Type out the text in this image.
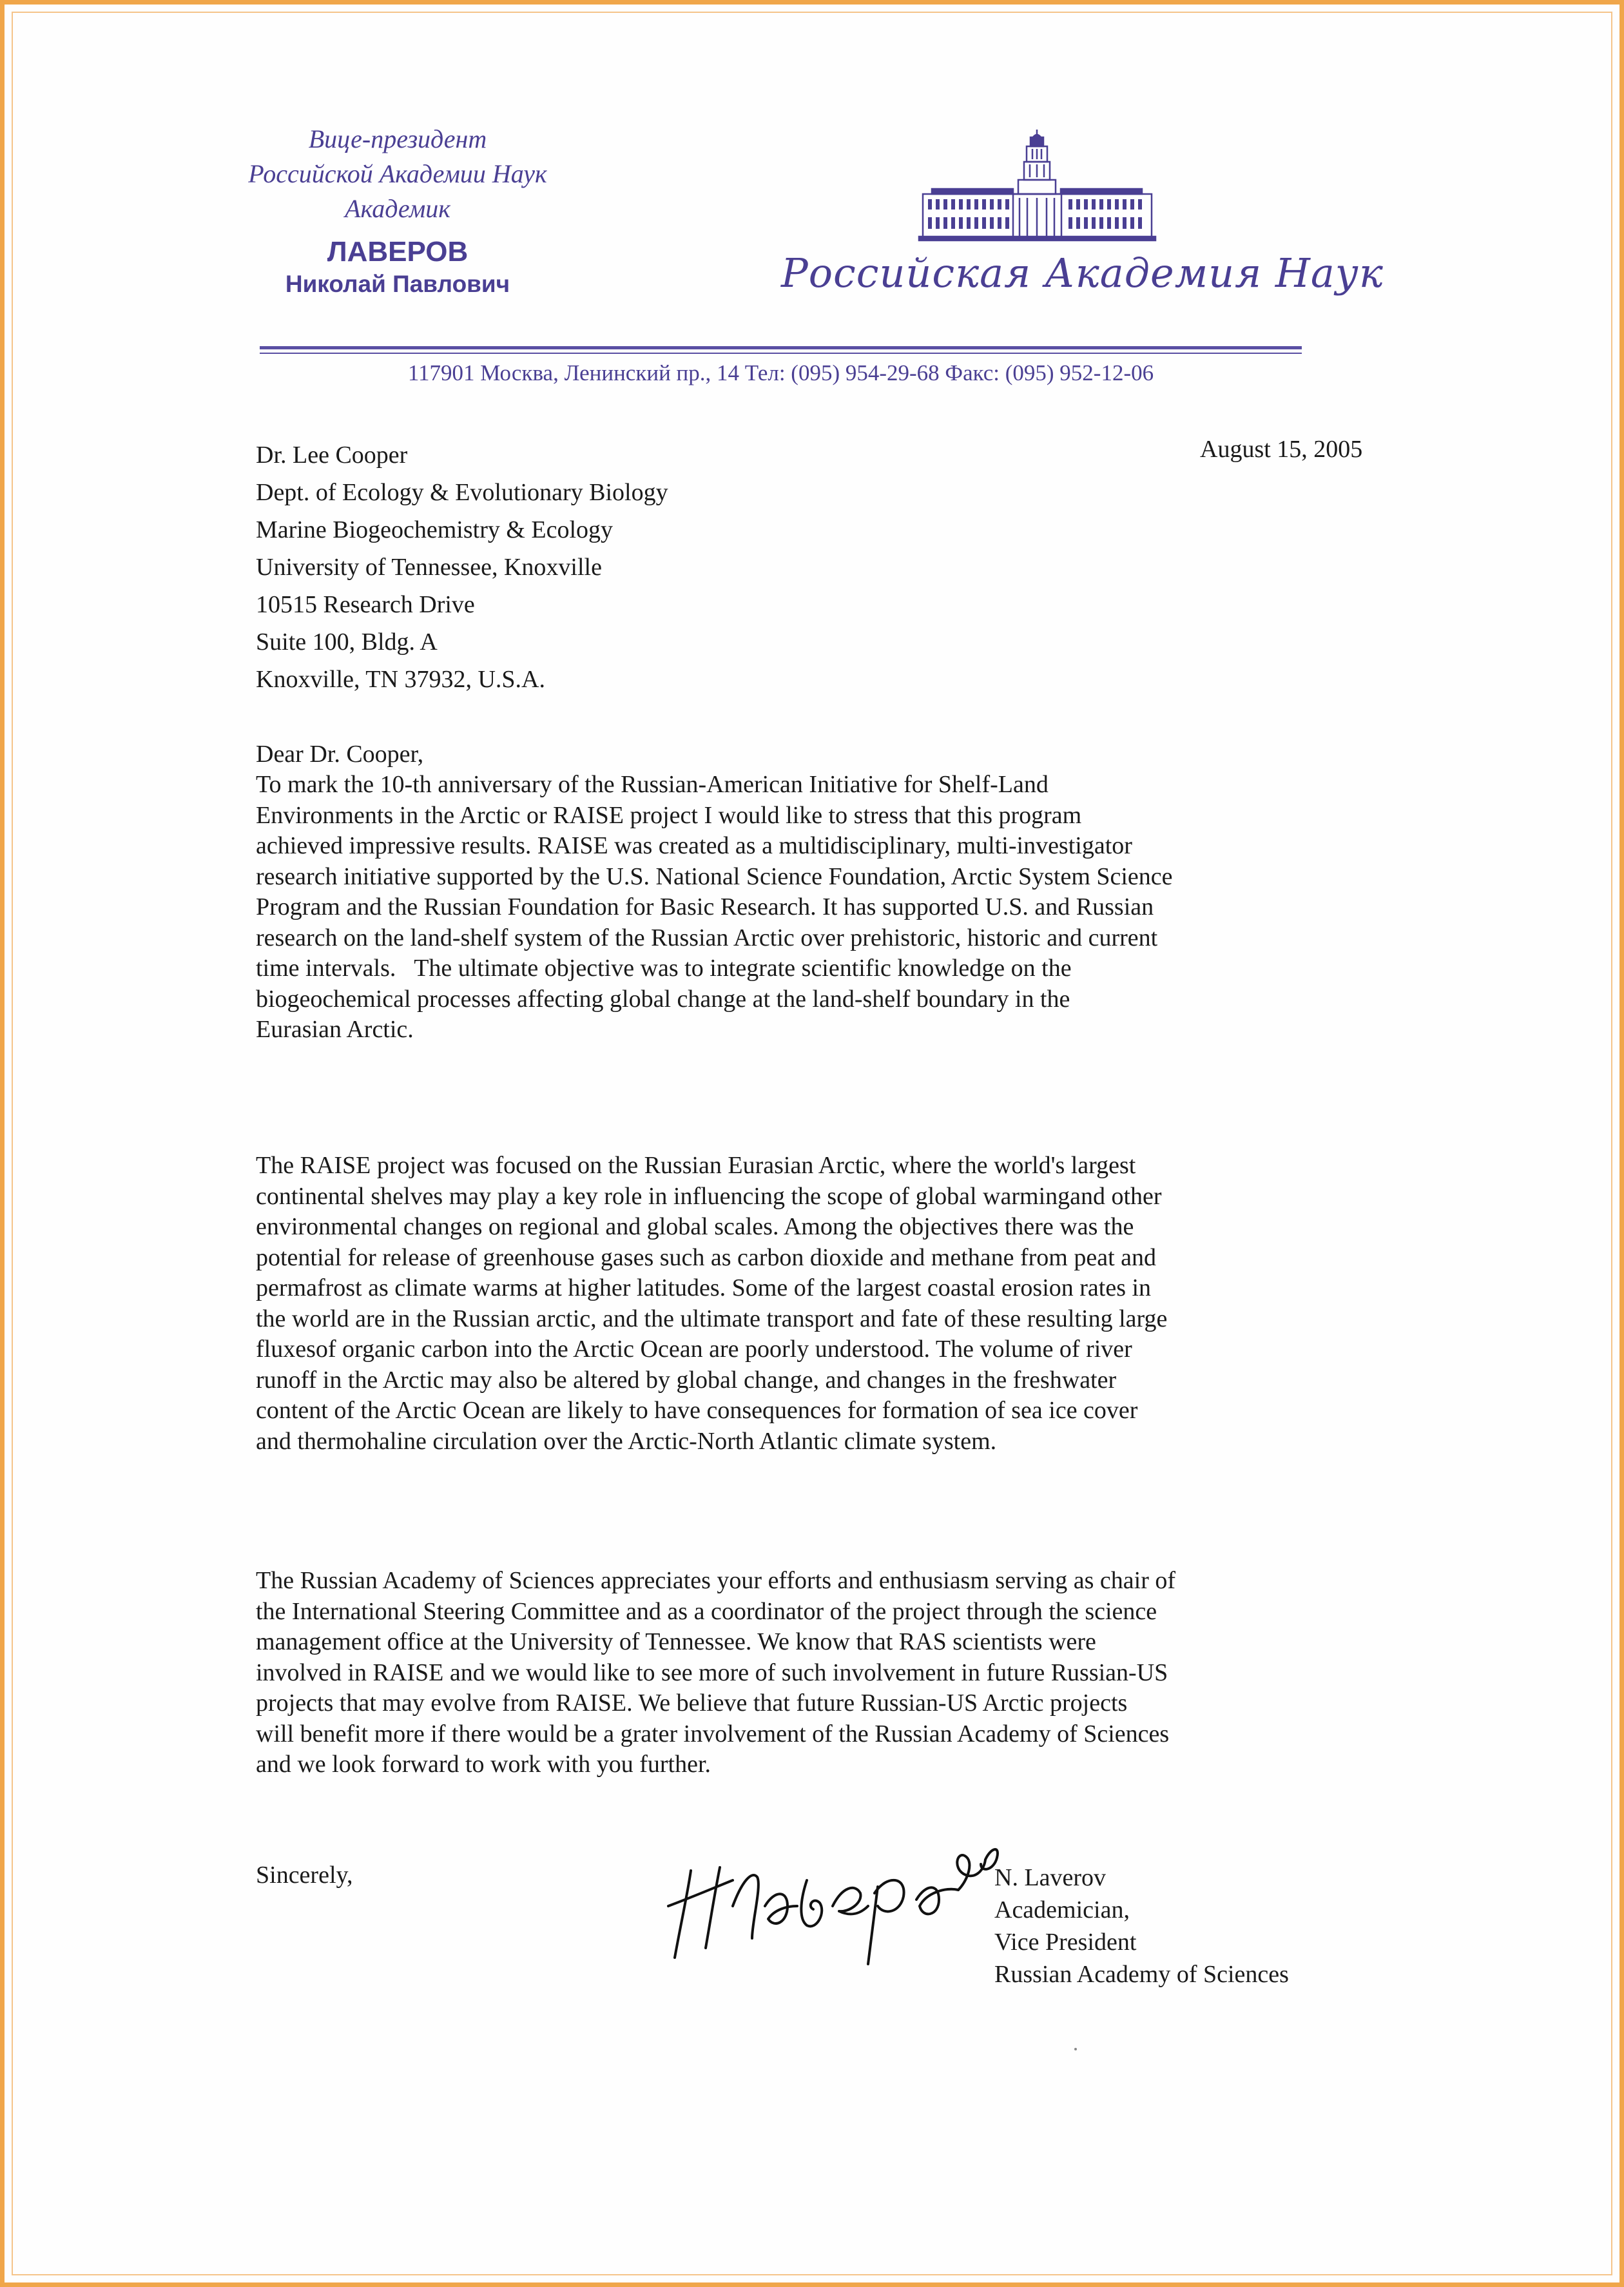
Вице-президент
Российской Академии Наук
Академик
ЛАВЕРОВ
Николай Павлович	Российская Академия Наук
117901 Москва, Ленинский пр., 14 Тел: (095) 954-29-68 Факс: (095) 952-12-06
August 15, 2005
Dr. Lee Cooper
Dept. of Ecology & Evolutionary Biology
Marine Biogeochemistry & Ecology
University of Tennessee, Knoxville
10515 Research Drive
Suite 100, Bldg. A
Knoxville, TN 37932, U.S.A.
Dear Dr. Cooper,
To mark the 10-th anniversary of the Russian-American Initiative for Shelf-Land
Environments in the Arctic or RAISE project I would like to stress that this program
achieved impressive results. RAISE was created as a multidisciplinary, multi-investigator
research initiative supported by the U.S. National Science Foundation, Arctic System Science
Program and the Russian Foundation for Basic Research. It has supported U.S. and Russian
research on the land-shelf system of the Russian Arctic over prehistoric, historic and current
time intervals.   The ultimate objective was to integrate scientific knowledge on the
biogeochemical processes affecting global change at the land-shelf boundary in the
Eurasian Arctic.
The RAISE project was focused on the Russian Eurasian Arctic, where the world's largest
continental shelves may play a key role in influencing the scope of global warmingand other
environmental changes on regional and global scales. Among the objectives there was the
potential for release of greenhouse gases such as carbon dioxide and methane from peat and
permafrost as climate warms at higher latitudes. Some of the largest coastal erosion rates in
the world are in the Russian arctic, and the ultimate transport and fate of these resulting large
fluxesof organic carbon into the Arctic Ocean are poorly understood. The volume of river
runoff in the Arctic may also be altered by global change, and changes in the freshwater
content of the Arctic Ocean are likely to have consequences for formation of sea ice cover
and thermohaline circulation over the Arctic-North Atlantic climate system.
The Russian Academy of Sciences appreciates your efforts and enthusiasm serving as chair of
the International Steering Committee and as a coordinator of the project through the science
management office at the University of Tennessee. We know that RAS scientists were
involved in RAISE and we would like to see more of such involvement in future Russian-US
projects that may evolve from RAISE. We believe that future Russian-US Arctic projects
will benefit more if there would be a grater involvement of the Russian Academy of Sciences
and we look forward to work with you further.
Sincerely,	N. Laverov
Academician,
Vice President
Russian Academy of Sciences
